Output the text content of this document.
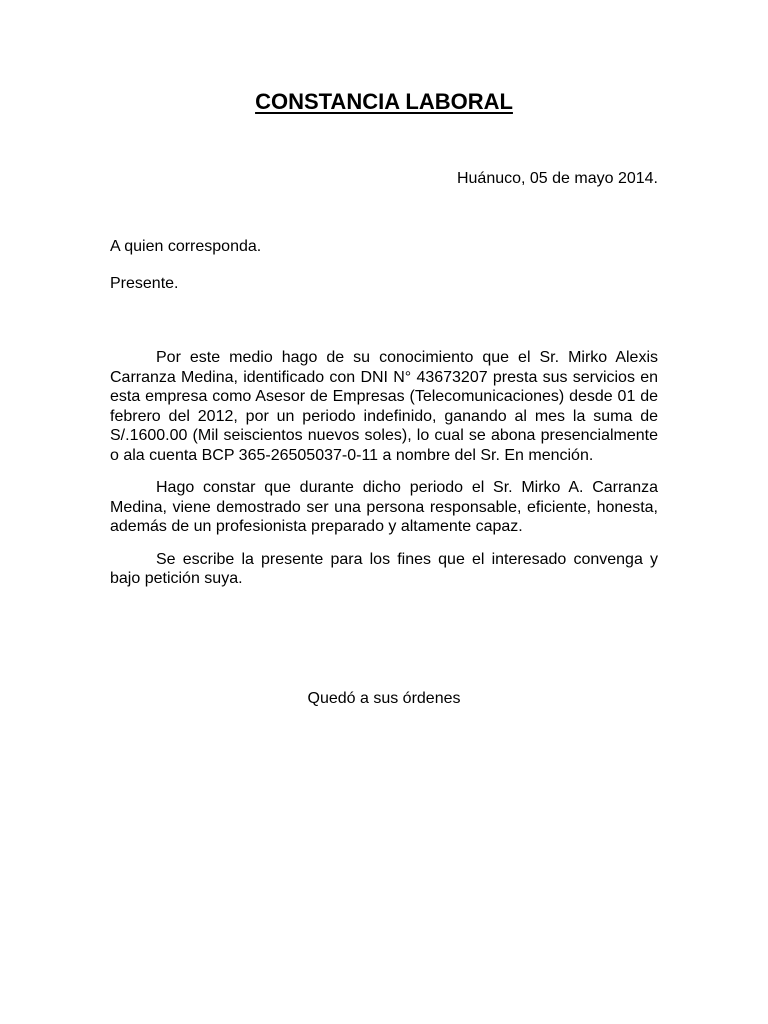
CONSTANCIA LABORAL

Huánuco, 05 de mayo 2014.

A quien corresponda.

Presente.

Por este medio hago de su conocimiento que el Sr. Mirko Alexis Carranza Medina, identificado con DNI N° 43673207 presta sus servicios en esta empresa como Asesor de Empresas (Telecomunicaciones) desde 01 de febrero del 2012, por un periodo indefinido, ganando al mes la suma de S/.1600.00 (Mil seiscientos nuevos soles), lo cual se abona presencialmente o ala cuenta BCP 365-26505037-0-11 a nombre del Sr. En mención.

Hago constar que durante dicho periodo el Sr. Mirko A. Carranza Medina, viene demostrado ser una persona responsable, eficiente, honesta, además de un profesionista preparado y altamente capaz.

Se escribe la presente para los fines que el interesado convenga y bajo petición suya.

Quedó a sus órdenes
